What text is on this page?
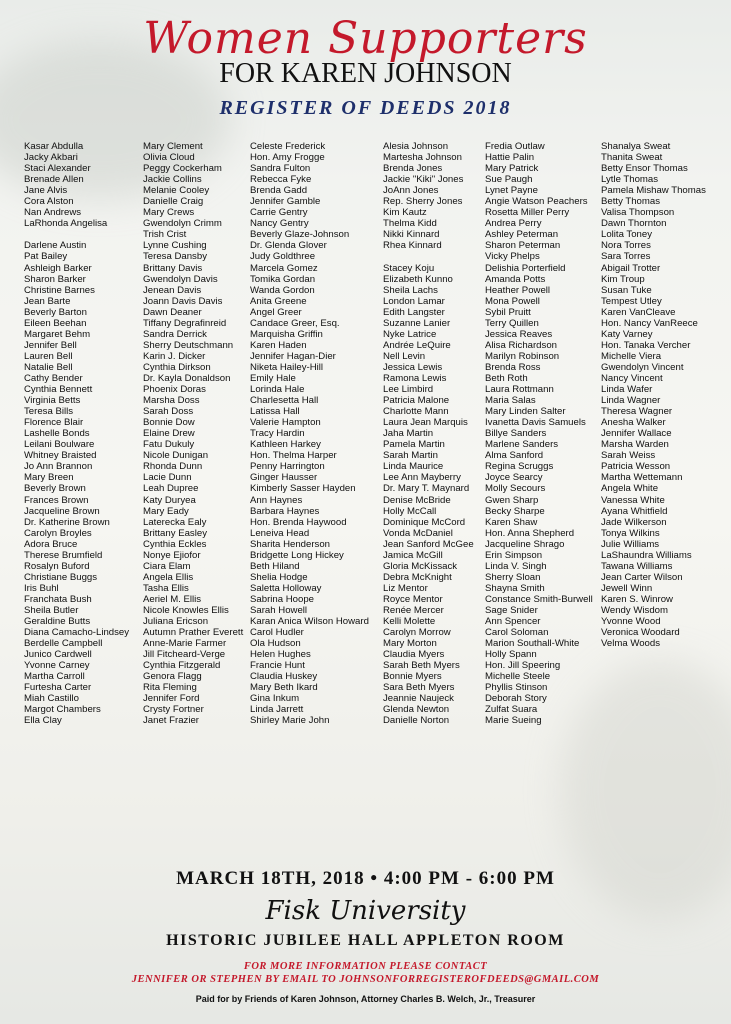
Women Supporters
FOR KAREN JOHNSON
REGISTER OF DEEDS 2018
Kasar Abdulla
Jacky Akbari
Staci Alexander
Brenade Allen
Jane Alvis
Cora Alston
Nan Andrews
LaRhonda Angelisa
Darlene Austin
Pat Bailey
Ashleigh Barker
Sharon Barker
Christine Barnes
Jean Barte
Beverly Barton
Eileen Beehan
Margaret Behm
Jennifer Bell
Lauren Bell
Natalie Bell
Cathy Bender
Cynthia Bennett
Virginia Betts
Teresa Bills
Florence Blair
Lashelle Bonds
Leilani Boulware
Whitney Braisted
Jo Ann Brannon
Mary Breen
Beverly Brown
Frances Brown
Jacqueline Brown
Dr. Katherine Brown
Carolyn Broyles
Adora Bruce
Therese Brumfield
Rosalyn Buford
Christiane Buggs
Iris Buhl
Franchata Bush
Sheila Butler
Geraldine Butts
Diana Camacho-Lindsey
Berdelle Campbell
Junico Cardwell
Yvonne Carney
Martha Carroll
Furtesha Carter
Miah Castillo
Margot Chambers
Ella Clay
Mary Clement
Olivia Cloud
Peggy Cockerham
Jackie Collins
Melanie Cooley
Danielle Craig
Mary Crews
Gwendolyn Crimm
Trish Crist
Lynne Cushing
Teresa Dansby
Brittany Davis
Gwendolyn Davis
Jenean Davis
Joann Davis Davis
Dawn Deaner
Tiffany Degrafinreid
Sandra Derrick
Sherry Deutschmann
Karin J. Dicker
Cynthia Dirkson
Dr. Kayla Donaldson
Phoenix Doras
Marsha Doss
Sarah Doss
Bonnie Dow
Elaine Drew
Fatu Dukuly
Nicole Dunigan
Rhonda Dunn
Lacie Dunn
Leah Dupree
Katy Duryea
Mary Eady
Laterecka Ealy
Brittany Easley
Cynthia Eckles
Nonye Ejiofor
Ciara Elam
Angela Ellis
Tasha Ellis
Aeriel M. Ellis
Nicole Knowles Ellis
Juliana Ericson
Autumn Prather Everett
Anne-Marie Farmer
Jill Fitcheard-Verge
Cynthia Fitzgerald
Genora Flagg
Rita Fleming
Jennifer Ford
Crysty Fortner
Janet Frazier
Celeste Frederick
Hon. Amy Frogge
Sandra Fulton
Rebecca Fyke
Brenda Gadd
Jennifer Gamble
Carrie Gentry
Nancy Gentry
Beverly Glaze-Johnson
Dr. Glenda Glover
Judy Goldthree
Marcela Gomez
Tomika Gordan
Wanda Gordon
Anita Greene
Angel Greer
Candace Greer, Esq.
Marquisha Griffin
Karen Haden
Jennifer Hagan-Dier
Niketa Hailey-Hill
Emily Hale
Lorinda Hale
Charlesetta Hall
Latissa Hall
Valerie Hampton
Tracy Hardin
Kathleen Harkey
Hon. Thelma Harper
Penny Harrington
Ginger Hausser
Kimberly Sasser Hayden
Ann Haynes
Barbara Haynes
Hon. Brenda Haywood
Leneiva Head
Sharita Henderson
Bridgette Long Hickey
Beth Hiland
Shelia Hodge
Saletta Holloway
Sabrina Hoope
Sarah Howell
Karan Anica Wilson Howard
Carol Hudler
Ola Hudson
Helen Hughes
Francie Hunt
Claudia Huskey
Mary Beth Ikard
Gina Inkum
Linda Jarrett
Shirley Marie John
Alesia Johnson
Martesha Johnson
Brenda Jones
Jackie "Kiki" Jones
JoAnn Jones
Rep. Sherry Jones
Kim Kautz
Thelma Kidd
Nikki Kinnard
Rhea Kinnard
Stacey Koju
Elizabeth Kunno
Sheila Lachs
London Lamar
Edith Langster
Suzanne Lanier
Nyke Latrice
Andrée LeQuire
Nell Levin
Jessica Lewis
Ramona Lewis
Lee Limbird
Patricia Malone
Charlotte Mann
Laura Jean Marquis
Jaha Martin
Pamela Martin
Sarah Martin
Linda Maurice
Lee Ann Mayberry
Dr. Mary T. Maynard
Denise McBride
Holly McCall
Dominique McCord
Vonda McDaniel
Jean Sanford McGee
Jamica McGill
Gloria McKissack
Debra McKnight
Liz Mentor
Royce Mentor
Renée Mercer
Kelli Molette
Carolyn Morrow
Mary Morton
Claudia Myers
Sarah Beth Myers
Bonnie Myers
Sara Beth Myers
Jeannie Naujeck
Glenda Newton
Danielle Norton
Fredia Outlaw
Hattie Palin
Mary Patrick
Sue Paugh
Lynet Payne
Angie Watson Peachers
Rosetta Miller Perry
Andrea Perry
Ashley Peterman
Sharon Peterman
Vicky Phelps
Delishia Porterfield
Amanda Potts
Heather Powell
Mona Powell
Sybil Pruitt
Terry Quillen
Jessica Reaves
Alisa Richardson
Marilyn Robinson
Brenda Ross
Beth Roth
Laura Rottmann
Maria Salas
Mary Linden Salter
Ivanetta Davis Samuels
Billye Sanders
Marlene Sanders
Alma Sanford
Regina Scruggs
Joyce Searcy
Molly Secours
Gwen Sharp
Becky Sharpe
Karen Shaw
Hon. Anna Shepherd
Jacqueline Shrago
Erin Simpson
Linda V. Singh
Sherry Sloan
Shayna Smith
Constance Smith-Burwell
Sage Snider
Ann Spencer
Carol Soloman
Marion Southall-White
Holly Spann
Hon. Jill Speering
Michelle Steele
Phyllis Stinson
Deborah Story
Zulfat Suara
Marie Sueing
Shanalya Sweat
Thanita Sweat
Betty Ensor Thomas
Lytle Thomas
Pamela Mishaw Thomas
Betty Thomas
Valisa Thompson
Dawn Thornton
Lolita Toney
Nora Torres
Sara Torres
Abigail Trotter
Kim Troup
Susan Tuke
Tempest Utley
Karen VanCleave
Hon. Nancy VanReece
Katy Varney
Hon. Tanaka Vercher
Michelle Viera
Gwendolyn Vincent
Nancy Vincent
Linda Wafer
Linda Wagner
Theresa Wagner
Anesha Walker
Jennifer Wallace
Marsha Warden
Sarah Weiss
Patricia Wesson
Martha Wettemann
Angela White
Vanessa White
Ayana Whitfield
Jade Wilkerson
Tonya Wilkins
Julie Williams
LaShaundra Williams
Tawana Williams
Jean Carter Wilson
Jewell Winn
Karen S. Winrow
Wendy Wisdom
Yvonne Wood
Veronica Woodard
Velma Woods
MARCH 18TH, 2018 • 4:00 PM - 6:00 PM
Fisk University
HISTORIC JUBILEE HALL APPLETON ROOM
FOR MORE INFORMATION PLEASE CONTACT
JENNIFER OR STEPHEN BY EMAIL TO JOHNSONFORREGISTEROFDEEDS@GMAIL.COM
Paid for by Friends of Karen Johnson, Attorney Charles B. Welch, Jr., Treasurer
